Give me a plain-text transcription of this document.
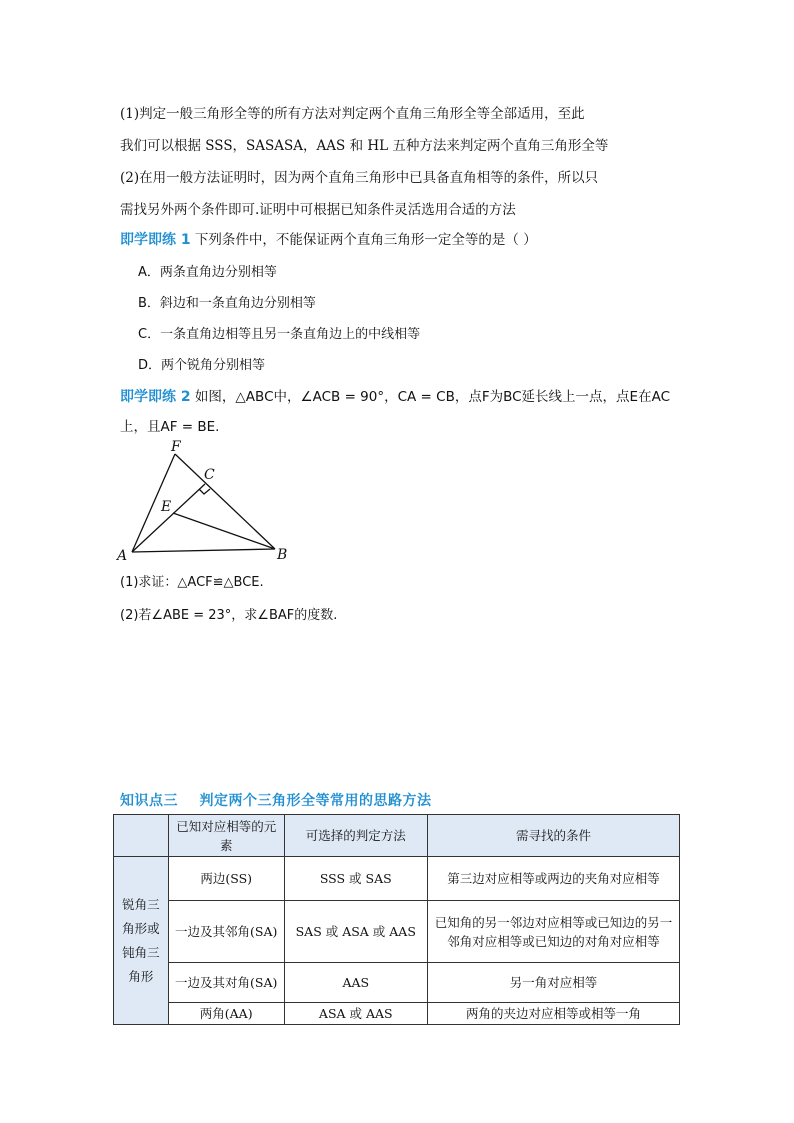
(1)判定一般三角形全等的所有方法对判定两个直角三角形全等全部适用，至此
我们可以根据 SSS，SASASA，AAS 和 HL 五种方法来判定两个直角三角形全等
(2)在用一般方法证明时，因为两个直角三角形中已具备直角相等的条件，所以只
需找另外两个条件即可.证明中可根据已知条件灵活选用合适的方法
即学即练 1 下列条件中，不能保证两个直角三角形一定全等的是（ ）
A．两条直角边分别相等
B．斜边和一条直角边分别相等
C．一条直角边相等且另一条直角边上的中线相等
D．两个锐角分别相等
即学即练 2 如图，△ABC中，∠ACB = 90°，CA = CB，点F为BC延长线上一点，点E在AC
上，且AF = BE.
A	B
C
E
F
(1)求证：△ACF≌△BCE.
(2)若∠ABE = 23°，求∠BAF的度数.
知识点三    判定两个三角形全等常用的思路方法
	已知对应相等的元素	可选择的判定方法	需寻找的条件
锐角三角形或钝角三角形	两边(SS)	SSS 或 SAS	第三边对应相等或两边的夹角对应相等
	一边及其邻角(SA)	SAS 或 ASA 或 AAS	已知角的另一邻边对应相等或已知边的另一邻角对应相等或已知边的对角对应相等
	一边及其对角(SA)	AAS	另一角对应相等
	两角(AA)	ASA 或 AAS	两角的夹边对应相等或相等一角
